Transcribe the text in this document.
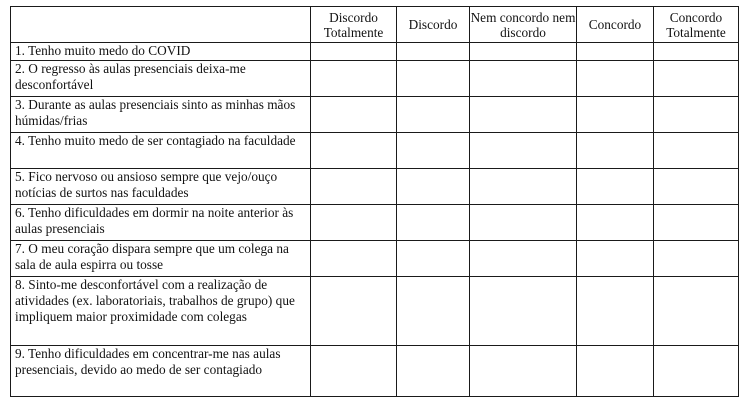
	Discordo Totalmente	Discordo	Nem concordo nem discordo	Concordo	Concordo Totalmente
1. Tenho muito medo do COVID					
2. O regresso às aulas presenciais deixa-me desconfortável					
3. Durante as aulas presenciais sinto as minhas mãos húmidas/frias					
4. Tenho muito medo de ser contagiado na faculdade					
5. Fico nervoso ou ansioso sempre que vejo/ouço notícias de surtos nas faculdades					
6. Tenho dificuldades em dormir na noite anterior às aulas presenciais					
7. O meu coração dispara sempre que um colega na sala de aula espirra ou tosse					
8. Sinto-me desconfortável com a realização de atividades (ex. laboratoriais, trabalhos de grupo) que impliquem maior proximidade com colegas					
9. Tenho dificuldades em concentrar-me nas aulas presenciais, devido ao medo de ser contagiado					
